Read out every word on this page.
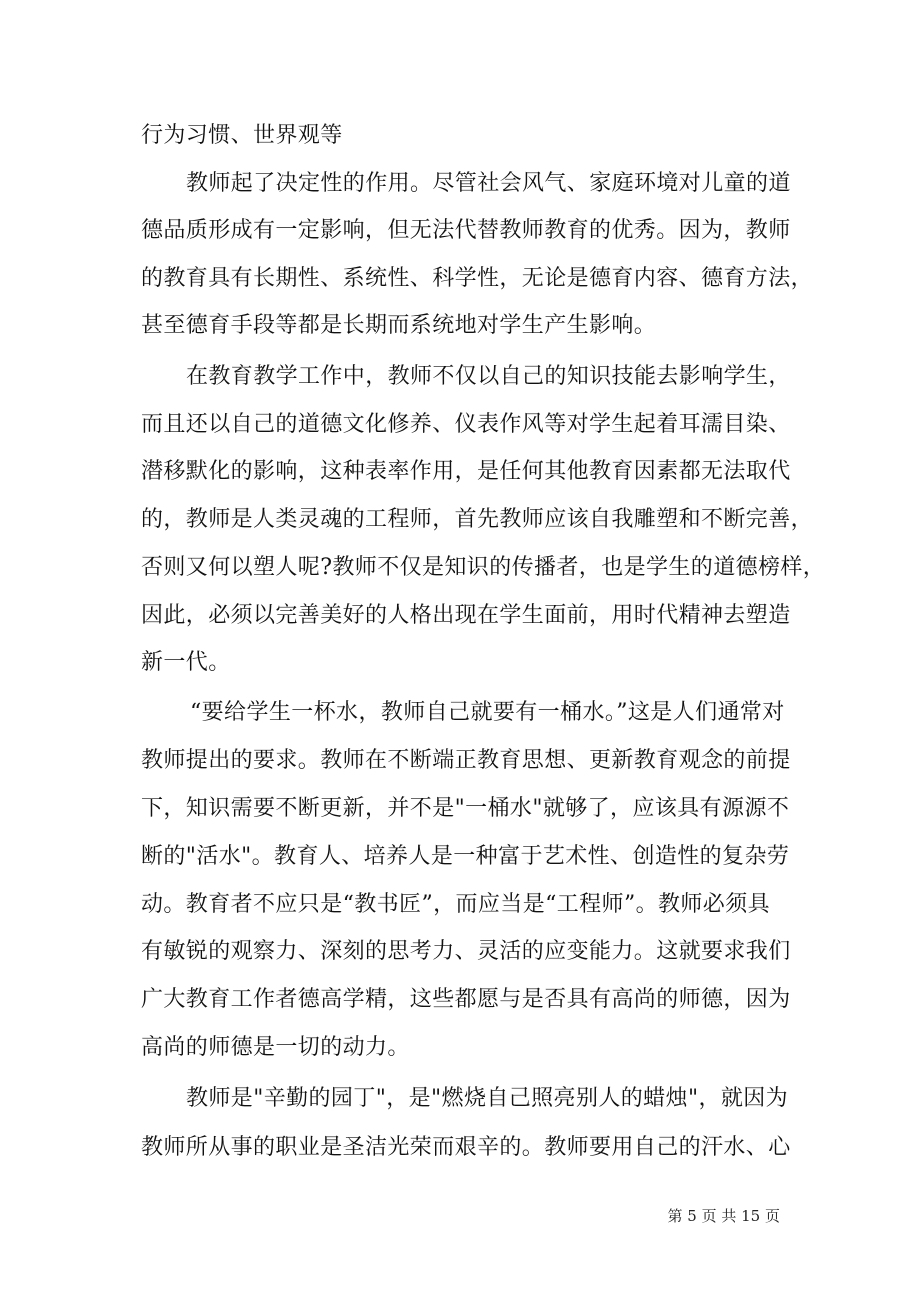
行为习惯、世界观等
教师起了决定性的作用。尽管社会风气、家庭环境对儿童的道
德品质形成有一定影响，但无法代替教师教育的优秀。因为，教师
的教育具有长期性、系统性、科学性，无论是德育内容、德育方法，
甚至德育手段等都是长期而系统地对学生产生影响。
在教育教学工作中，教师不仅以自己的知识技能去影响学生，
而且还以自己的道德文化修养、仪表作风等对学生起着耳濡目染、
潜移默化的影响，这种表率作用，是任何其他教育因素都无法取代
的，教师是人类灵魂的工程师，首先教师应该自我雕塑和不断完善，
否则又何以塑人呢?教师不仅是知识的传播者，也是学生的道德榜样，
因此，必须以完善美好的人格出现在学生面前，用时代精神去塑造
新一代。
“要给学生一杯水，教师自己就要有一桶水。”这是人们通常对
教师提出的要求。教师在不断端正教育思想、更新教育观念的前提
下，知识需要不断更新，并不是"一桶水"就够了，应该具有源源不
断的"活水"。教育人、培养人是一种富于艺术性、创造性的复杂劳
动。教育者不应只是“教书匠”，而应当是“工程师”。教师必须具
有敏锐的观察力、深刻的思考力、灵活的应变能力。这就要求我们
广大教育工作者德高学精，这些都愿与是否具有高尚的师德，因为
高尚的师德是一切的动力。
教师是"辛勤的园丁"，是"燃烧自己照亮别人的蜡烛"，就因为
教师所从事的职业是圣洁光荣而艰辛的。教师要用自己的汗水、心
第 5 页 共 15 页
